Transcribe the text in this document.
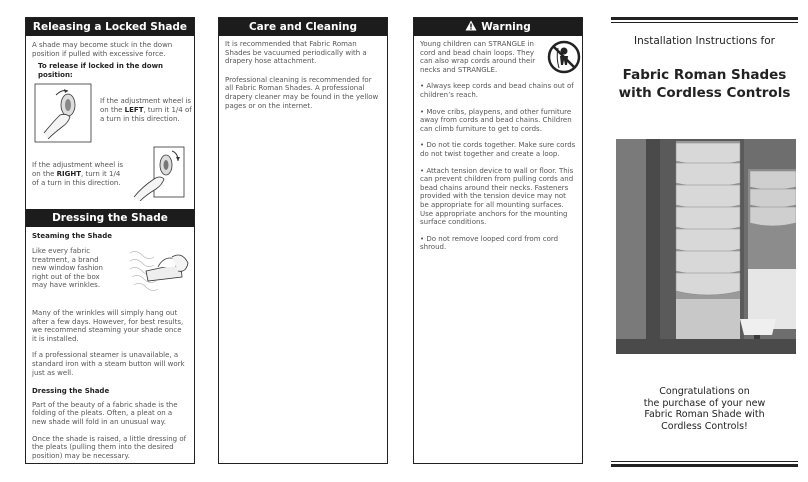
Releasing a Locked Shade

A shade may become stuck in the down position if pulled with excessive force.

To release if locked in the down position:
If the adjustment wheel is on the LEFT, turn it 1/4 of a turn in this direction.
If the adjustment wheel is on the RIGHT, turn it 1/4 of a turn in this direction.
Dressing the Shade
Steaming the Shade

Like every fabric treatment, a brand new window fashion right out of the box may have wrinkles.

Many of the wrinkles will simply hang out after a few days. However, for best results, we recommend steaming your shade once it is installed.

If a professional steamer is unavailable, a standard iron with a steam button will work just as well.

Dressing the Shade

Part of the beauty of a fabric shade is the folding of the pleats. Often, a pleat on a new shade will fold in an unusual way.

Once the shade is raised, a little dressing of the pleats (pulling them into the desired position) may be necessary.

Care and Cleaning

It is recommended that Fabric Roman Shades be vacuumed periodically with a drapery hose attachment.

Professional cleaning is recommended for all Fabric Roman Shades. A professional drapery cleaner may be found in the yellow pages or on the internet.

Warning

Young children can STRANGLE in cord and bead chain loops. They can also wrap cords around their necks and STRANGLE.

• Always keep cords and bead chains out of children’s reach.
• Move cribs, playpens, and other furniture away from cords and bead chains. Children can climb furniture to get to cords.
• Do not tie cords together. Make sure cords do not twist together and create a loop.
• Attach tension device to wall or floor. This can prevent children from pulling cords and bead chains around their necks. Fasteners provided with the tension device may not be appropriate for all mounting surfaces. Use appropriate anchors for the mounting surface conditions.
• Do not remove looped cord from cord shroud.
Installation Instructions for
Fabric Roman Shades
with Cordless Controls
Congratulations on
the purchase of your new
Fabric Roman Shade with
Cordless Controls!
